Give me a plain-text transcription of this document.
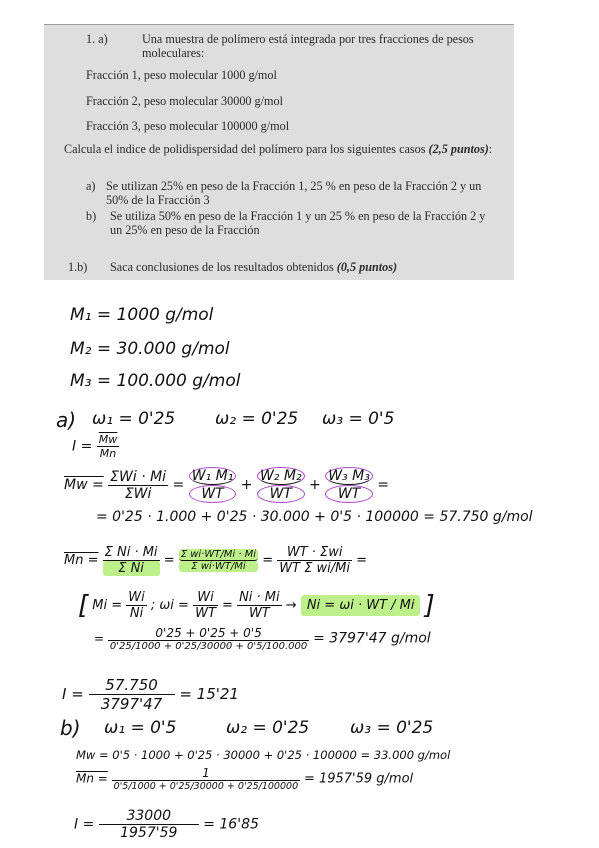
1. a)	Una muestra de polímero está integrada por tres fracciones de pesos moleculares:

Fracción 1, peso molecular 1000 g/mol

Fracción 2, peso molecular 30000 g/mol

Fracción 3, peso molecular 100000 g/mol

Calcula el indice de polidispersidad del polímero para los siguientes casos (2,5 puntos):

a) Se utilizan 25% en peso de la Fracción 1, 25 % en peso de la Fracción 2 y un 50% de la Fracción 3

b) Se utiliza 50% en peso de la Fracción 1 y un 25 % en peso de la Fracción 2 y un 25% en peso de la Fracción

1.b) Saca conclusiones de los resultados obtenidos (0,5 puntos)

M₁ = 1000 g/mol
M₂ = 30.000 g/mol
M₃ = 100.000 g/mol
a) ω₁ = 0'25 ω₂ = 0'25 ω₃ = 0'5
$I = \frac{\overline{Mw}}{Mn}$
$Mw = \frac{\text{ΣWi · Mi}}{\text{ΣWi}} = \frac{\text{W₁ M₁}}{WT} + \frac{\text{W₂ M₂}}{WT} + \frac{\text{W₃ M₃}}{WT}$ =
= 0'25 · 1.000 + 0'25 · 30.000 + 0'5 · 100000 = 57.750 g/mol
$Mn = \frac{\text{Σ Ni · Mi}}{\text{Σ Ni}} = \frac{\text{Σ wi·WT/Mi · Mi}}{\text{Σ wi·WT/Mi}} = \frac{\text{WT · Σwi}}{\text{WT Σ wi/Mi}}$ =
[ $Mi = \frac{Wi}{Ni}$ ; $\omega i = \frac{Wi}{WT} = \frac{Ni \cdot Mi}{WT} \to Ni = \omega i$ · WT / Mi ]
= $\frac{0'25 + 0'25 + 0'5}{0'25/1000 + 0'25/30000 + 0'5/100.000} = 3797'47$ g/mol
$I = \frac{57.750}{3797'47} = 15'21$
b) ω₁ = 0'5	ω₂ = 0'25 ω₃ = 0'25
Mw = 0'5 · 1000 + 0'25 · 30000 + 0'25 · 100000 = 33.000 g/mol
$Mn = \frac{1}{0'5/1000 + 0'25/30000 + 0'25/100000} = 1957'59$ g/mol
$I = \frac{33000}{1957'59} = 16'85$
